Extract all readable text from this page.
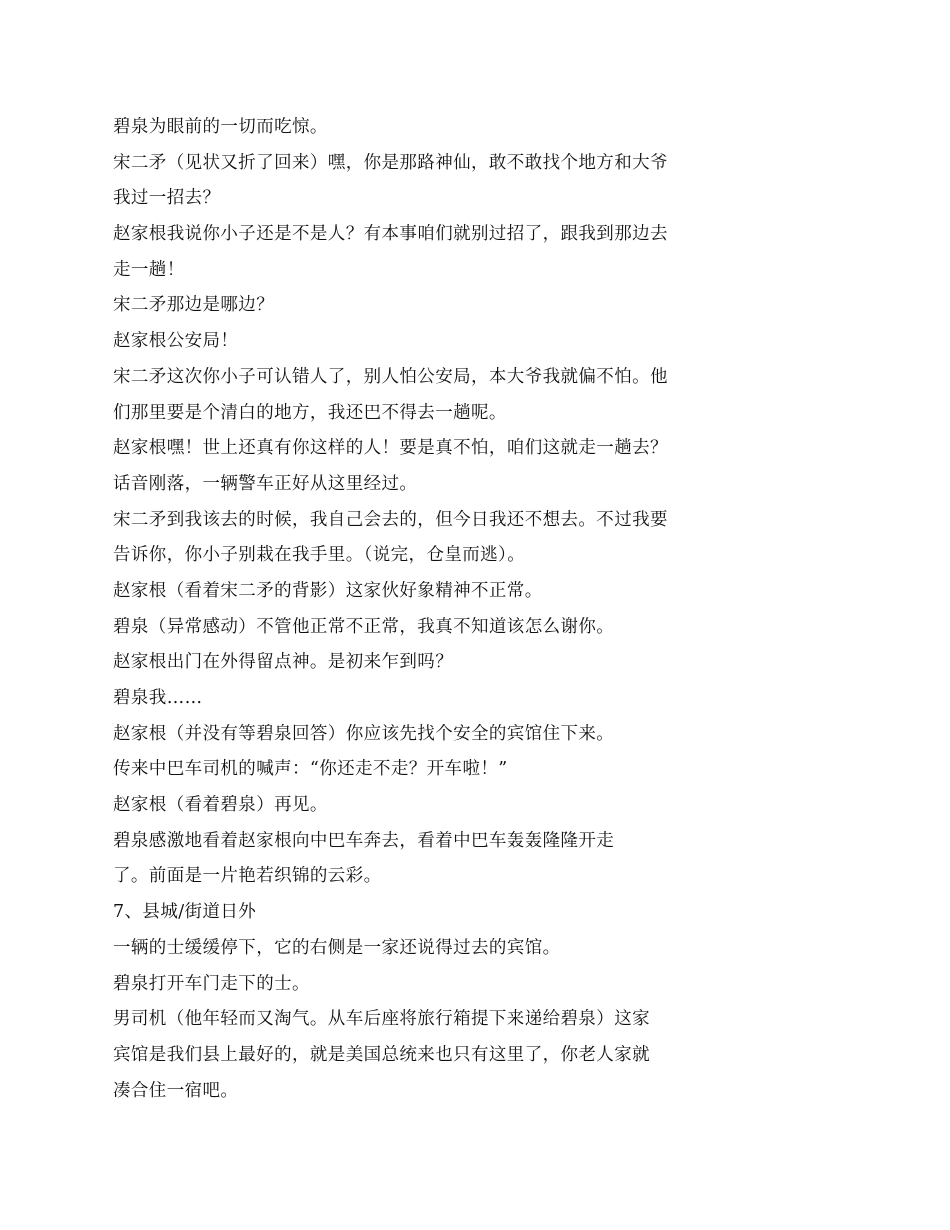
碧泉为眼前的一切而吃惊。
宋二矛（见状又折了回来）嘿，你是那路神仙，敢不敢找个地方和大爷
我过一招去？
赵家根我说你小子还是不是人？有本事咱们就别过招了，跟我到那边去
走一趟！
宋二矛那边是哪边？
赵家根公安局！
宋二矛这次你小子可认错人了，别人怕公安局，本大爷我就偏不怕。他
们那里要是个清白的地方，我还巴不得去一趟呢。
赵家根嘿！世上还真有你这样的人！要是真不怕，咱们这就走一趟去？
话音刚落，一辆警车正好从这里经过。
宋二矛到我该去的时候，我自己会去的，但今日我还不想去。不过我要
告诉你，你小子别栽在我手里。（说完，仓皇而逃）。
赵家根（看着宋二矛的背影）这家伙好象精神不正常。
碧泉（异常感动）不管他正常不正常，我真不知道该怎么谢你。
赵家根出门在外得留点神。是初来乍到吗？
碧泉我……
赵家根（并没有等碧泉回答）你应该先找个安全的宾馆住下来。
传来中巴车司机的喊声：“你还走不走？开车啦！”
赵家根（看着碧泉）再见。
碧泉感激地看着赵家根向中巴车奔去，看着中巴车轰轰隆隆开走
了。前面是一片艳若织锦的云彩。
7、县城/街道日外
一辆的士缓缓停下，它的右侧是一家还说得过去的宾馆。
碧泉打开车门走下的士。
男司机（他年轻而又淘气。从车后座将旅行箱提下来递给碧泉）这家
宾馆是我们县上最好的，就是美国总统来也只有这里了，你老人家就
凑合住一宿吧。
